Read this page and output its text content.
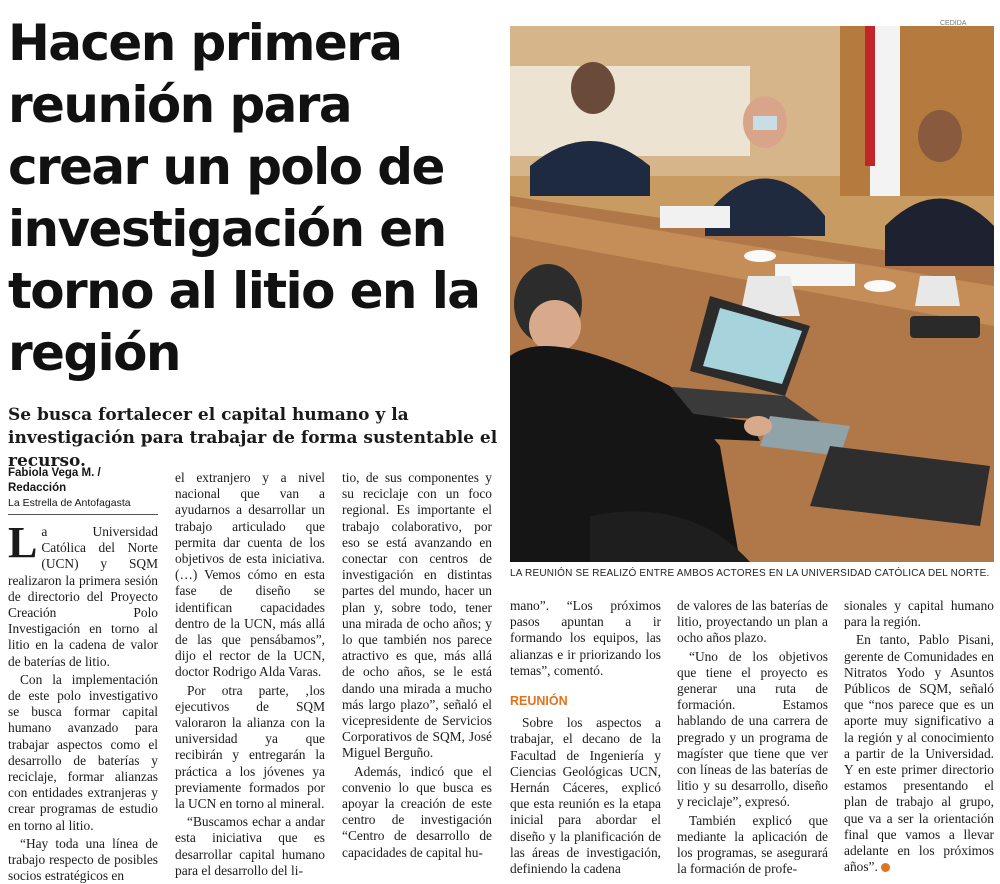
Hacen primera reunión para crear un polo de investigación en torno al litio en la región

Se busca fortalecer el capital humano y la investigación para trabajar de forma sustentable el recurso.

Fabiola Vega M. / Redacción
La Estrella de Antofagasta

La Universidad Católica del Norte (UCN) y SQM realizaron la primera sesión de directorio del Proyecto Creación Polo Investigación en torno al litio en la cadena de valor de baterías de litio.

Con la implementación de este polo investigativo se busca formar capital humano avanzado para trabajar aspectos como el desarrollo de baterías y reciclaje, formar alianzas con entidades extranjeras y crear programas de estudio en torno al litio.

“Hay toda una línea de trabajo respecto de posibles socios estratégicos en

el extranjero y a nivel nacional que van a ayudarnos a desarrollar un trabajo articulado que permita dar cuenta de los objetivos de esta iniciativa. (…) Vemos cómo en esta fase de diseño se identifican capacidades dentro de la UCN, más allá de las que pensábamos”, dijo el rector de la UCN, doctor Rodrigo Alda Varas.

Por otra parte, ‚los ejecutivos de SQM valoraron la alianza con la universidad ya que recibirán y entregarán la práctica a los jóvenes ya previamente formados por la UCN en torno al mineral.

“Buscamos echar a andar esta iniciativa que es desarrollar capital humano para el desarrollo del li-

tio, de sus componentes y su reciclaje con un foco regional. Es importante el trabajo colaborativo, por eso se está avanzando en conectar con centros de investigación en distintas partes del mundo, hacer un plan y, sobre todo, tener una mirada de ocho años; y lo que también nos parece atractivo es que, más allá de ocho años, se le está dando una mirada a mucho más largo plazo”, señaló el vicepresidente de Servicios Corporativos de SQM, José Miguel Berguño.

Además, indicó que el convenio lo que busca es apoyar la creación de este centro de investigación “Centro de desarrollo de capacidades de capital hu-

CEDIDA
LA REUNIÓN SE REALIZÓ ENTRE AMBOS ACTORES EN LA UNIVERSIDAD CATÓLICA DEL NORTE.

mano”. “Los próximos pasos apuntan a ir formando los equipos, las alianzas e ir priorizando los temas”, comentó.

REUNIÓN

Sobre los aspectos a trabajar, el decano de la Facultad de Ingeniería y Ciencias Geológicas UCN, Hernán Cáceres, explicó que esta reunión es la etapa inicial para abordar el diseño y la planificación de las áreas de investigación, definiendo la cadena

de valores de las baterías de litio, proyectando un plan a ocho años plazo.

“Uno de los objetivos que tiene el proyecto es generar una ruta de formación. Estamos hablando de una carrera de pregrado y un programa de magíster que tiene que ver con líneas de las baterías de litio y su desarrollo, diseño y reciclaje”, expresó.

También explicó que mediante la aplicación de los programas, se asegurará la formación de profe-

sionales y capital humano para la región.

En tanto, Pablo Pisani, gerente de Comunidades en Nitratos Yodo y Asuntos Públicos de SQM, señaló que “nos parece que es un aporte muy significativo a la región y al conocimiento a partir de la Universidad. Y en este primer directorio estamos presentando el plan de trabajo al grupo, que va a ser la orientación final que vamos a llevar adelante en los próximos años”.
